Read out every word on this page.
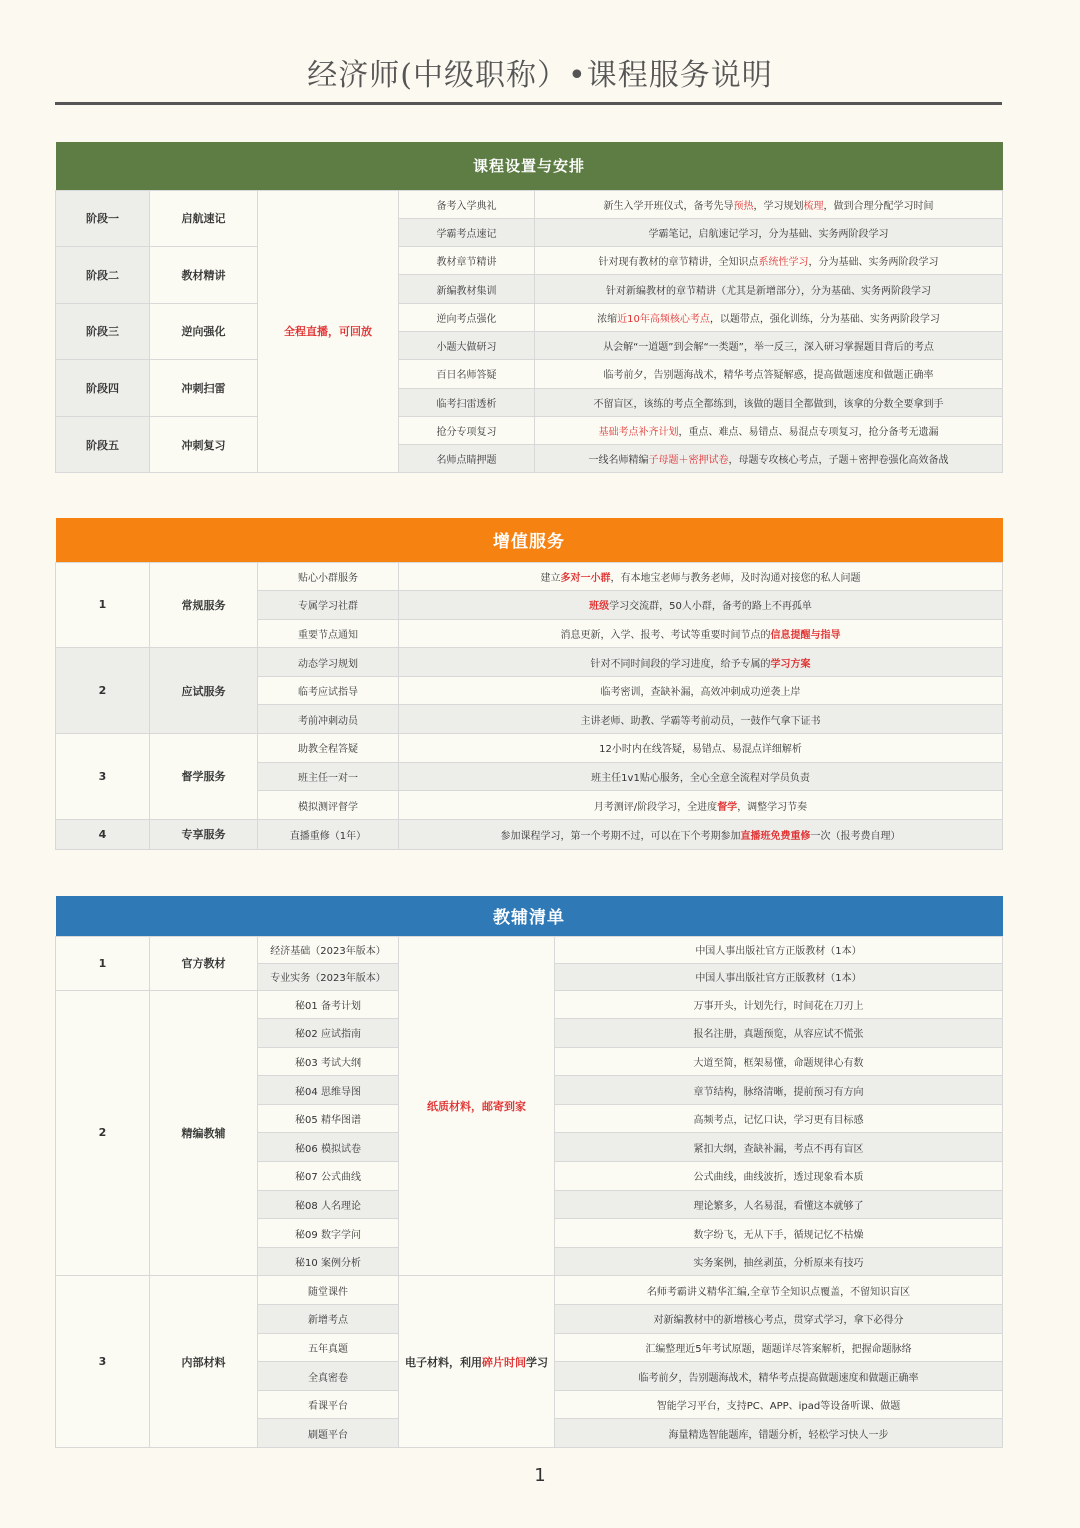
经济师(中级职称）•课程服务说明
课程设置与安排				
阶段一	启航速记	全程直播，可回放	备考入学典礼	新生入学开班仪式，备考先导预热，学习规划梳理，做到合理分配学习时间
			学霸考点速记	学霸笔记，启航速记学习，分为基础、实务两阶段学习
阶段二	教材精讲		教材章节精讲	针对现有教材的章节精讲，全知识点系统性学习，分为基础、实务两阶段学习
			新编教材集训	针对新编教材的章节精讲（尤其是新增部分），分为基础、实务两阶段学习
阶段三	逆向强化		逆向考点强化	浓缩近10年高频核心考点，以题带点，强化训练，分为基础、实务两阶段学习
			小题大做研习	从会解“一道题”到会解“一类题”，举一反三，深入研习掌握题目背后的考点
阶段四	冲刺扫雷		百日名师答疑	临考前夕，告别题海战术，精华考点答疑解惑，提高做题速度和做题正确率
			临考扫雷透析	不留盲区，该练的考点全都练到，该做的题目全都做到，该拿的分数全要拿到手
阶段五	冲刺复习		抢分专项复习	基础考点补齐计划，重点、难点、易错点、易混点专项复习，抢分备考无遗漏
			名师点睛押题	一线名师精编子母题＋密押试卷，母题专攻核心考点，子题＋密押卷强化高效备战
增值服务			
1	常规服务	贴心小群服务	建立多对一小群，有本地宝老师与教务老师，及时沟通对接您的私人问题
		专属学习社群	班级学习交流群，50人小群，备考的路上不再孤单
		重要节点通知	消息更新，入学、报考、考试等重要时间节点的信息提醒与指导
2	应试服务	动态学习规划	针对不同时间段的学习进度，给予专属的学习方案
		临考应试指导	临考密训，查缺补漏，高效冲刺成功逆袭上岸
		考前冲刺动员	主讲老师、助教、学霸等考前动员，一鼓作气拿下证书
3	督学服务	助教全程答疑	12小时内在线答疑，易错点、易混点详细解析
		班主任一对一	班主任1v1贴心服务，全心全意全流程对学员负责
		模拟测评督学	月考测评/阶段学习，全进度督学，调整学习节奏
4	专享服务	直播重修（1年）	参加课程学习，第一个考期不过，可以在下个考期参加直播班免费重修一次（报考费自理）
教辅清单				
1	官方教材	经济基础（2023年版本）	纸质材料，邮寄到家	中国人事出版社官方正版教材（1本）
		专业实务（2023年版本）		中国人事出版社官方正版教材（1本）
2	精编教辅	秘01 备考计划		万事开头，计划先行，时间花在刀刃上
		秘02 应试指南		报名注册，真题预览，从容应试不慌张
		秘03 考试大纲		大道至简，框架易懂，命题规律心有数
		秘04 思维导图		章节结构，脉络清晰，提前预习有方向
		秘05 精华图谱		高频考点，记忆口诀，学习更有目标感
		秘06 模拟试卷		紧扣大纲，查缺补漏，考点不再有盲区
		秘07 公式曲线		公式曲线，曲线波折，透过现象看本质
		秘08 人名理论		理论繁多，人名易混，看懂这本就够了
		秘09 数字学问		数字纷飞，无从下手，循规记忆不枯燥
		秘10 案例分析		实务案例，抽丝剥茧，分析原来有技巧
3	内部材料	随堂课件	电子材料，利用碎片时间学习	名师考霸讲义精华汇编,全章节全知识点覆盖，不留知识盲区
		新增考点		对新编教材中的新增核心考点，贯穿式学习，拿下必得分
		五年真题		汇编整理近5年考试原题，题题详尽答案解析，把握命题脉络
		全真密卷		临考前夕，告别题海战术，精华考点提高做题速度和做题正确率
		看课平台		智能学习平台，支持PC、APP、ipad等设备听课、做题
		刷题平台		海量精选智能题库，错题分析，轻松学习快人一步
1
